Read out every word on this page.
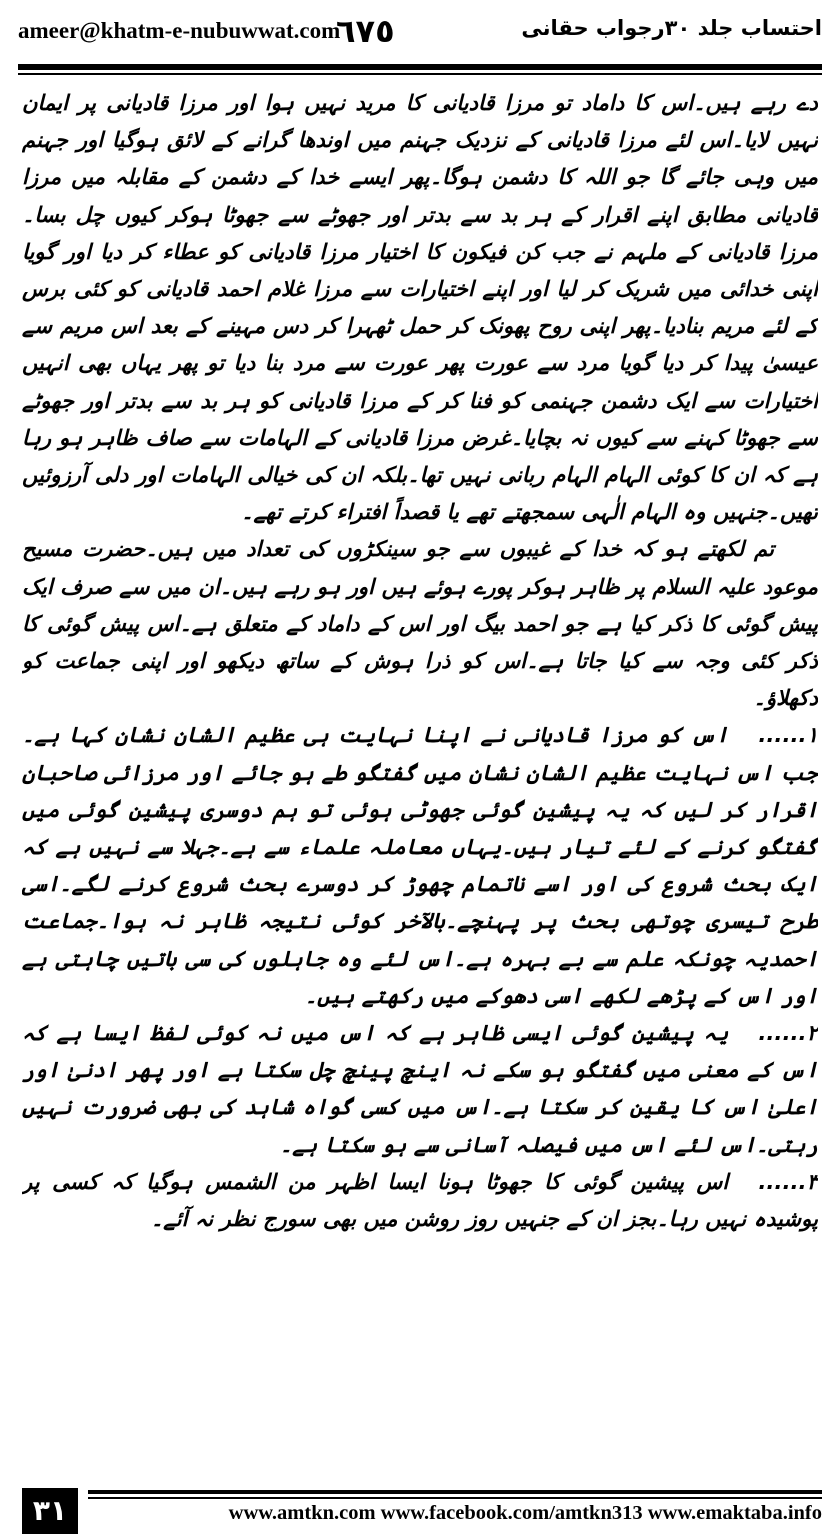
ameer@khatm-e-nubuwwat.com
٦٧٥	احتساب جلد ۳۰رجواب حقانی

دے رہے ہیں۔اس کا داماد تو مرزا قادیانی کا مرید نہیں ہوا اور مرزا قادیانی پر ایمان نہیں لایا۔اس لئے مرزا قادیانی کے نزدیک جہنم میں اوندھا گرانے کے لائق ہوگیا اور جہنم میں وہی جائے گا جو اللہ کا دشمن ہوگا۔پھر ایسے خدا کے دشمن کے مقابلہ میں مرزا قادیانی مطابق اپنے اقرار کے ہر بد سے بدتر اور جھوٹے سے جھوٹا ہوکر کیوں چل بسا۔مرزا قادیانی کے ملہم نے جب کن فیکون کا اختیار مرزا قادیانی کو عطاء کر دیا اور گویا اپنی خدائی میں شریک کر لیا اور اپنے اختیارات سے مرزا غلام احمد قادیانی کو کئی برس کے لئے مریم بنادیا۔پھر اپنی روح پھونک کر حمل ٹھہرا کر دس مہینے کے بعد اس مریم سے عیسیٰ پیدا کر دیا گویا مرد سے عورت پھر عورت سے مرد بنا دیا تو پھر یہاں بھی انہیں اختیارات سے ایک دشمن جہنمی کو فنا کر کے مرزا قادیانی کو ہر بد سے بدتر اور جھوٹے سے جھوٹا کہنے سے کیوں نہ بچایا۔غرض مرزا قادیانی کے الہامات سے صاف ظاہر ہو رہا ہے کہ ان کا کوئی الہام الہام ربانی نہیں تھا۔بلکہ ان کی خیالی الہامات اور دلی آرزوئیں تھیں۔جنہیں وہ الہام الٰہی سمجھتے تھے یا قصداً افتراء کرتے تھے۔

تم لکھتے ہو کہ خدا کے غیبوں سے جو سینکڑوں کی تعداد میں ہیں۔حضرت مسیح موعود علیہ السلام پر ظاہر ہوکر پورے ہوئے ہیں اور ہو رہے ہیں۔ان میں سے صرف ایک پیش گوئی کا ذکر کیا ہے جو احمد بیگ اور اس کے داماد کے متعلق ہے۔اس پیش گوئی کا ذکر کئی وجہ سے کیا جاتا ہے۔اس کو ذرا ہوش کے ساتھ دیکھو اور اپنی جماعت کو دکھلاؤ۔

۱......اس کو مرزا قادیانی نے اپنا نہایت ہی عظیم الشان نشان کہا ہے۔جب اس نہایت عظیم الشان نشان میں گفتگو طے ہو جائے اور مرزائی صاحبان اقرار کر لیں کہ یہ پیشین گوئی جھوٹی ہوئی تو ہم دوسری پیشین گوئی میں گفتگو کرنے کے لئے تیار ہیں۔یہاں معاملہ علماء سے ہے۔جہلا سے نہیں ہے کہ ایک بحث شروع کی اور اسے ناتمام چھوڑ کر دوسرے بحث شروع کرنے لگے۔اسی طرح تیسری چوتھی بحث پر پہنچے۔بالآخر کوئی نتیجہ ظاہر نہ ہوا۔جماعت احمدیہ چونکہ علم سے بے بہرہ ہے۔اس لئے وہ جاہلوں کی سی باتیں چاہتی ہے اور اس کے پڑھے لکھے اسی دھوکے میں رکھتے ہیں۔

۲......یہ پیشین گوئی ایسی ظاہر ہے کہ اس میں نہ کوئی لفظ ایسا ہے کہ اس کے معنی میں گفتگو ہو سکے نہ اینچ پینچ چل سکتا ہے اور پھر ادنیٰ اور اعلیٰ اس کا یقین کر سکتا ہے۔اس میں کسی گواہ شاہد کی بھی ضرورت نہیں رہتی۔اس لئے اس میں فیصلہ آسانی سے ہو سکتا ہے۔

۳......اس پیشین گوئی کا جھوٹا ہونا ایسا اظہر من الشمس ہوگیا کہ کسی پر پوشیدہ نہیں رہا۔بجز ان کے جنہیں روز روشن میں بھی سورج نظر نہ آئے۔

۳۱	www.amtkn.com www.facebook.com/amtkn313 www.emaktaba.info
